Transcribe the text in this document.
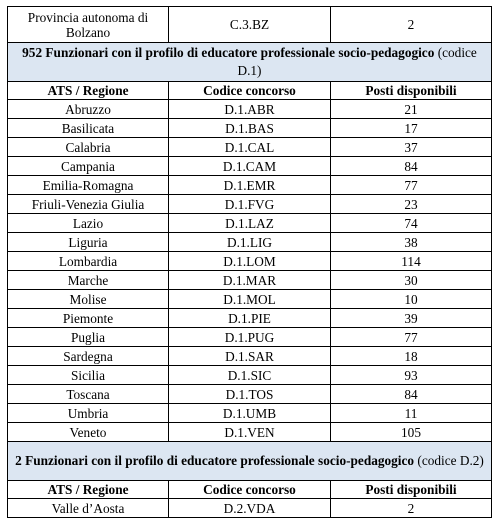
Provincia autonoma di Bolzano	C.3.BZ	2
952 Funzionari con il profilo di educatore professionale socio-pedagogico (codice D.1)		
ATS / Regione	Codice concorso	Posti disponibili
Abruzzo	D.1.ABR	21
Basilicata	D.1.BAS	17
Calabria	D.1.CAL	37
Campania	D.1.CAM	84
Emilia-Romagna	D.1.EMR	77
Friuli-Venezia Giulia	D.1.FVG	23
Lazio	D.1.LAZ	74
Liguria	D.1.LIG	38
Lombardia	D.1.LOM	114
Marche	D.1.MAR	30
Molise	D.1.MOL	10
Piemonte	D.1.PIE	39
Puglia	D.1.PUG	77
Sardegna	D.1.SAR	18
Sicilia	D.1.SIC	93
Toscana	D.1.TOS	84
Umbria	D.1.UMB	11
Veneto	D.1.VEN	105
2 Funzionari con il profilo di educatore professionale socio-pedagogico (codice D.2)		
ATS / Regione	Codice concorso	Posti disponibili
Valle d’Aosta	D.2.VDA	2
